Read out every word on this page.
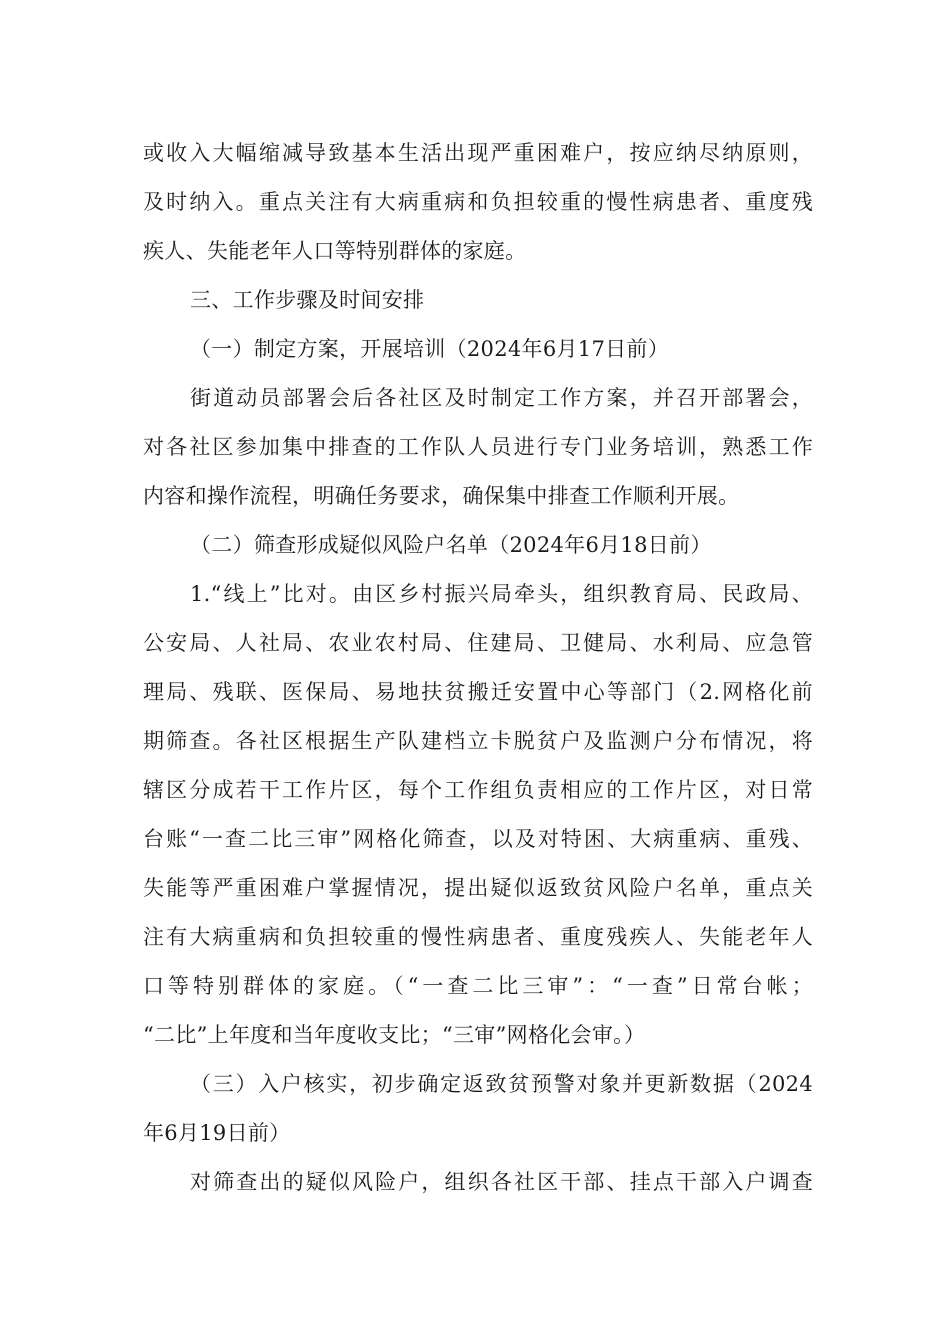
或收入大幅缩减导致基本生活出现严重困难户，按应纳尽纳原则，
及时纳入。重点关注有大病重病和负担较重的慢性病患者、重度残
疾人、失能老年人口等特别群体的家庭。
三、工作步骤及时间安排
（一）制定方案，开展培训（2024年6月17日前）
街道动员部署会后各社区及时制定工作方案，并召开部署会，
对各社区参加集中排查的工作队人员进行专门业务培训，熟悉工作
内容和操作流程，明确任务要求，确保集中排查工作顺利开展。
（二）筛查形成疑似风险户名单（2024年6月18日前）
1.“线上”比对。由区乡村振兴局牵头，组织教育局、民政局、
公安局、人社局、农业农村局、住建局、卫健局、水利局、应急管
理局、残联、医保局、易地扶贫搬迁安置中心等部门（2.网格化前
期筛查。各社区根据生产队建档立卡脱贫户及监测户分布情况，将
辖区分成若干工作片区，每个工作组负责相应的工作片区，对日常
台账“一查二比三审”网格化筛查，以及对特困、大病重病、重残、
失能等严重困难户掌握情况，提出疑似返致贫风险户名单，重点关
注有大病重病和负担较重的慢性病患者、重度残疾人、失能老年人
口等特别群体的家庭。（“一查二比三审”：“一查”日常台帐；
“二比”上年度和当年度收支比；“三审”网格化会审。）
（三）入户核实，初步确定返致贫预警对象并更新数据（2024
年6月19日前）
对筛查出的疑似风险户，组织各社区干部、挂点干部入户调查
